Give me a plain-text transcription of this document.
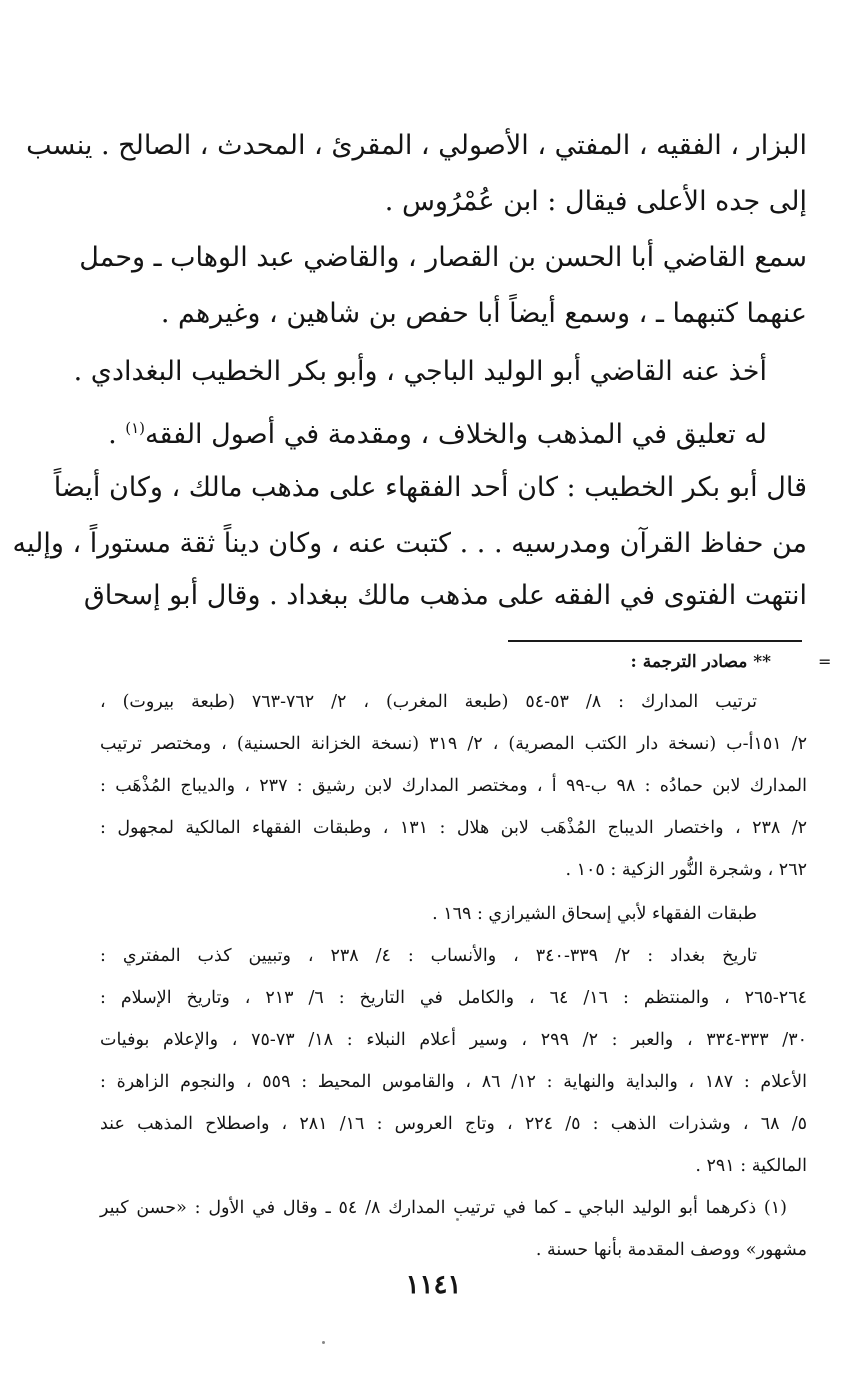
البزار ، الفقيه ، المفتي ، الأصولي ، المقرئ ، المحدث ، الصالح . ينسب
إلى جده الأعلى فيقال : ابن عُمْرُوس .
سمع القاضي أبا الحسن بن القصار ، والقاضي عبد الوهاب ـ وحمل
عنهما كتبهما ـ ، وسمع أيضاً أبا حفص بن شاهين ، وغيرهم .
أخذ عنه القاضي أبو الوليد الباجي ، وأبو بكر الخطيب البغدادي .
له تعليق في المذهب والخلاف ، ومقدمة في أصول الفقه$^{(١)}$ .
قال أبو بكر الخطيب : كان أحد الفقهاء على مذهب مالك ، وكان أيضاً
من حفاظ القرآن ومدرسيه . . . كتبت عنه ، وكان ديناً ثقة مستوراً ، وإليه
انتهت الفتوى في الفقه على مذهب مالك ببغداد . وقال أبو إسحاق
=
** مصادر الترجمة :
ترتيب المدارك : ٨/ ٥٣-٥٤ (طبعة المغرب) ، ٢/ ٧٦٢-٧٦٣ (طبعة بيروت) ،
٢/ ١٥١أ-ب (نسخة دار الكتب المصرية) ، ٢/ ٣١٩ (نسخة الخزانة الحسنية) ، ومختصر ترتيب
المدارك لابن حمادُه : ٩٨ ب-٩٩ أ ، ومختصر المدارك لابن رشيق : ٢٣٧ ، والديباج المُذْهَب :
٢/ ٢٣٨ ، واختصار الديباج المُذْهَب لابن هلال : ١٣١ ، وطبقات الفقهاء المالكية لمجهول :
٢٦٢ ، وشجرة النُّور الزكية : ١٠٥ .
طبقات الفقهاء لأبي إسحاق الشيرازي : ١٦٩ .
تاريخ بغداد : ٢/ ٣٣٩-٣٤٠ ، والأنساب : ٤/ ٢٣٨ ، وتبيين كذب المفتري :
٢٦٤-٢٦٥ ، والمنتظم : ١٦/ ٦٤ ، والكامل في التاريخ : ٦/ ٢١٣ ، وتاريخ الإسلام :
٣٠/ ٣٣٣-٣٣٤ ، والعبر : ٢/ ٢٩٩ ، وسير أعلام النبلاء : ١٨/ ٧٣-٧٥ ، والإعلام بوفيات
الأعلام : ١٨٧ ، والبداية والنهاية : ١٢/ ٨٦ ، والقاموس المحيط : ٥٥٩ ، والنجوم الزاهرة :
٥/ ٦٨ ، وشذرات الذهب : ٥/ ٢٢٤ ، وتاج العروس : ١٦/ ٢٨١ ، واصطلاح المذهب عند
المالكية : ٢٩١ .
(١) ذكرهما أبو الوليد الباجي ـ كما في ترتيب المدارك ٨/ ٥٤ ـ وقال في الأول : «حسن كبير
مشهور» ووصف المقدمة بأنها حسنة .
١١٤١
